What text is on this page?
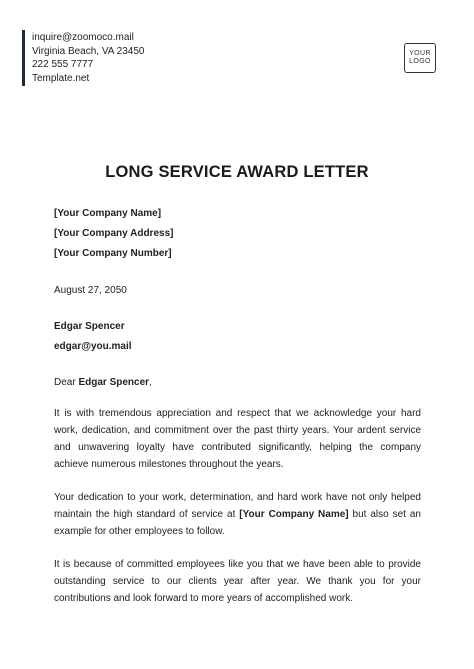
inquire@zoomoco.mail
Virginia Beach, VA 23450
222 555 7777
Template.net
YOUR
LOGO
LONG SERVICE AWARD LETTER
[Your Company Name]
[Your Company Address]
[Your Company Number]
August 27, 2050
Edgar Spencer
edgar@you.mail
Dear Edgar Spencer,
It is with tremendous appreciation and respect that we acknowledge your hard work, dedication, and commitment over the past thirty years. Your ardent service and unwavering loyalty have contributed significantly, helping the company achieve numerous milestones throughout the years.
Your dedication to your work, determination, and hard work have not only helped maintain the high standard of service at [Your Company Name] but also set an example for other employees to follow.
It is because of committed employees like you that we have been able to provide outstanding service to our clients year after year. We thank you for your contributions and look forward to more years of accomplished work.
